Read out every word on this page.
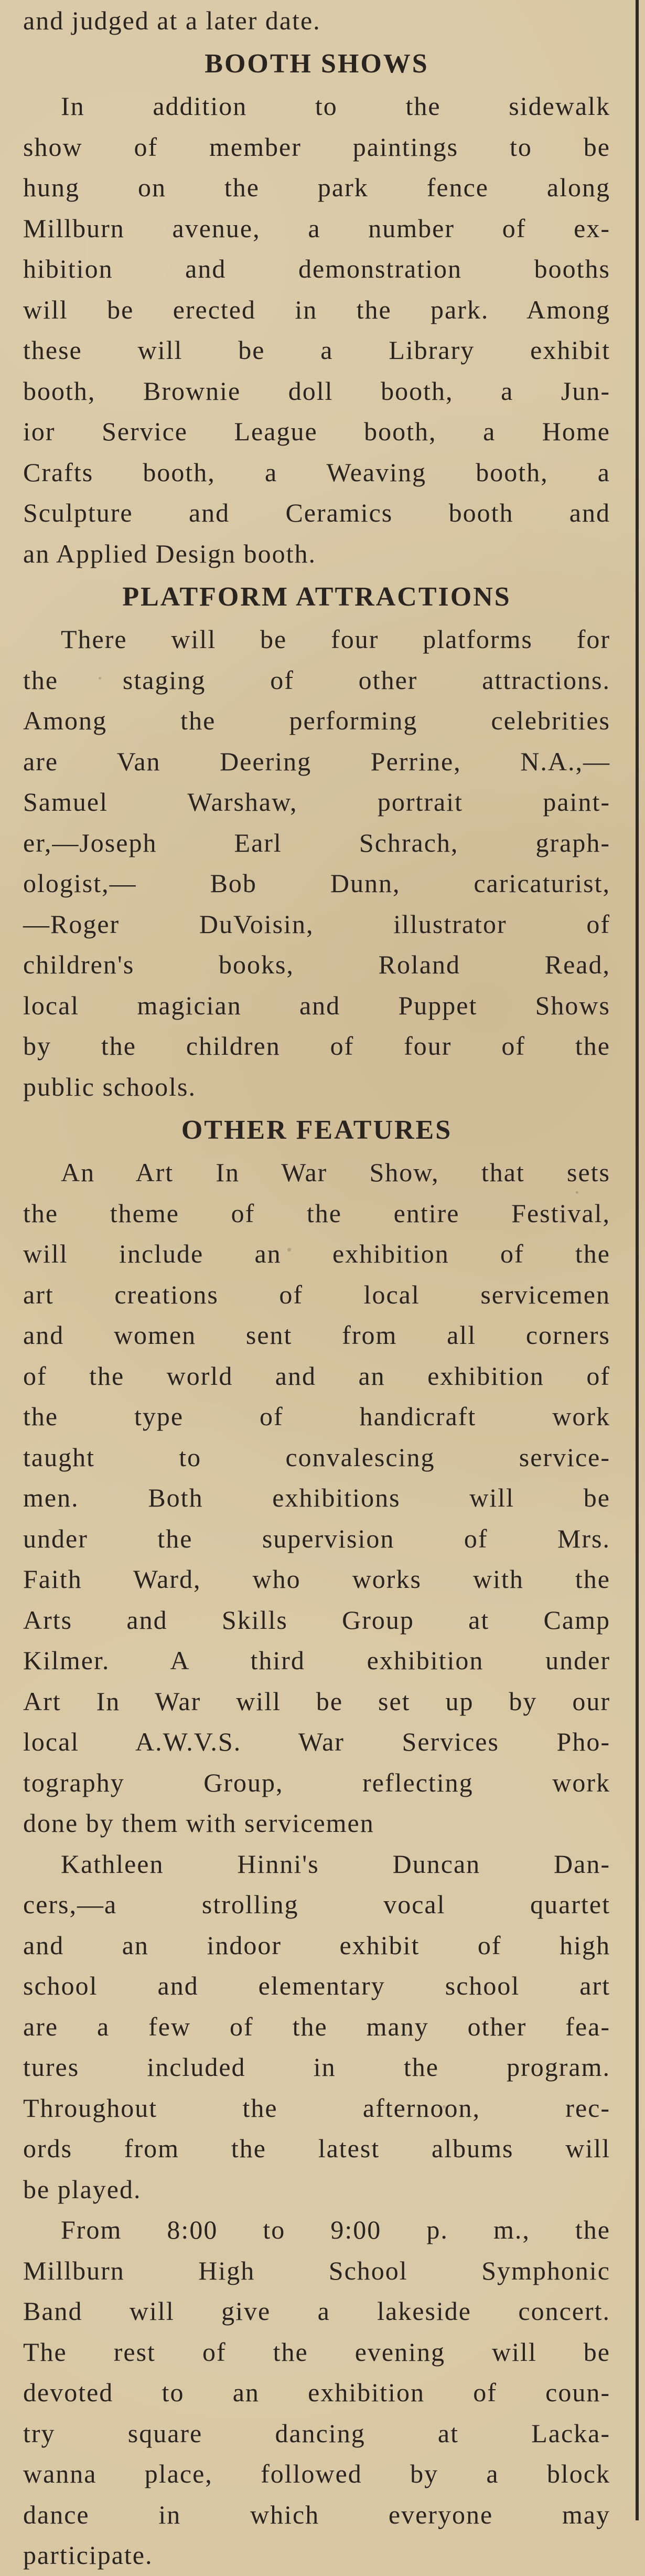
and judged at a later date.

BOOTH SHOWS
In addition to the sidewalk
show of member paintings to be
hung on the park fence along
Millburn avenue, a number of ex-
hibition and demonstration booths
will be erected in the park. Among
these will be a Library exhibit
booth, Brownie doll booth, a Jun-
ior Service League booth, a Home
Crafts booth, a Weaving booth, a
Sculpture and Ceramics booth and
an Applied Design booth.
PLATFORM ATTRACTIONS
There will be four platforms for
the staging of other attractions.
Among the performing celebrities
are Van Deering Perrine, N.A.,—
Samuel Warshaw, portrait paint-
er,—Joseph Earl Schrach, graph-
ologist,— Bob Dunn, caricaturist,
—Roger DuVoisin, illustrator of
children's books, Roland Read,
local magician and Puppet Shows
by the children of four of the
public schools.
OTHER FEATURES
An Art In War Show, that sets
the theme of the entire Festival,
will include an exhibition of the
art creations of local servicemen
and women sent from all corners
of the world and an exhibition of
the type of handicraft work
taught to convalescing service-
men. Both exhibitions will be
under the supervision of Mrs.
Faith Ward, who works with the
Arts and Skills Group at Camp
Kilmer. A third exhibition under
Art In War will be set up by our
local A.W.V.S. War Services Pho-
tography Group, reflecting work
done by them with servicemen
Kathleen Hinni's Duncan Dan-
cers,—a strolling vocal quartet
and an indoor exhibit of high
school and elementary school art
are a few of the many other fea-
tures included in the program.
Throughout the afternoon, rec-
ords from the latest albums will
be played.
From 8:00 to 9:00 p. m., the
Millburn High School Symphonic
Band will give a lakeside concert.
The rest of the evening will be
devoted to an exhibition of coun-
try square dancing at Lacka-
wanna place, followed by a block
dance in which everyone may
participate.
